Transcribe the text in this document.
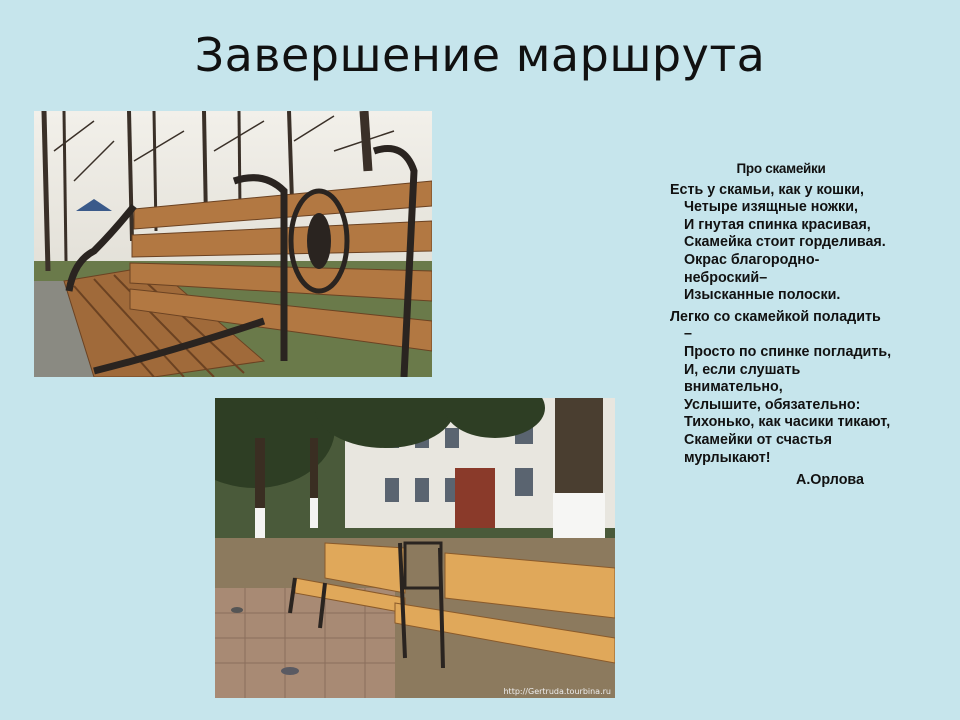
Завершение маршрута
http://Gertruda.tourbina.ru
Про скамейки
Есть у скамьи, как у кошки,
Четыре изящные ножки,
И гнутая спинка красивая,
Скамейка стоит горделивая.
Окрас благородно-
неброский–
Изысканные полоски.
Легко со скамейкой поладить
–
Просто по спинке погладить,
И, если слушать
внимательно,
Услышите, обязательно:
Тихонько, как часики тикают,
Скамейки от счастья
мурлыкают!
А.Орлова
